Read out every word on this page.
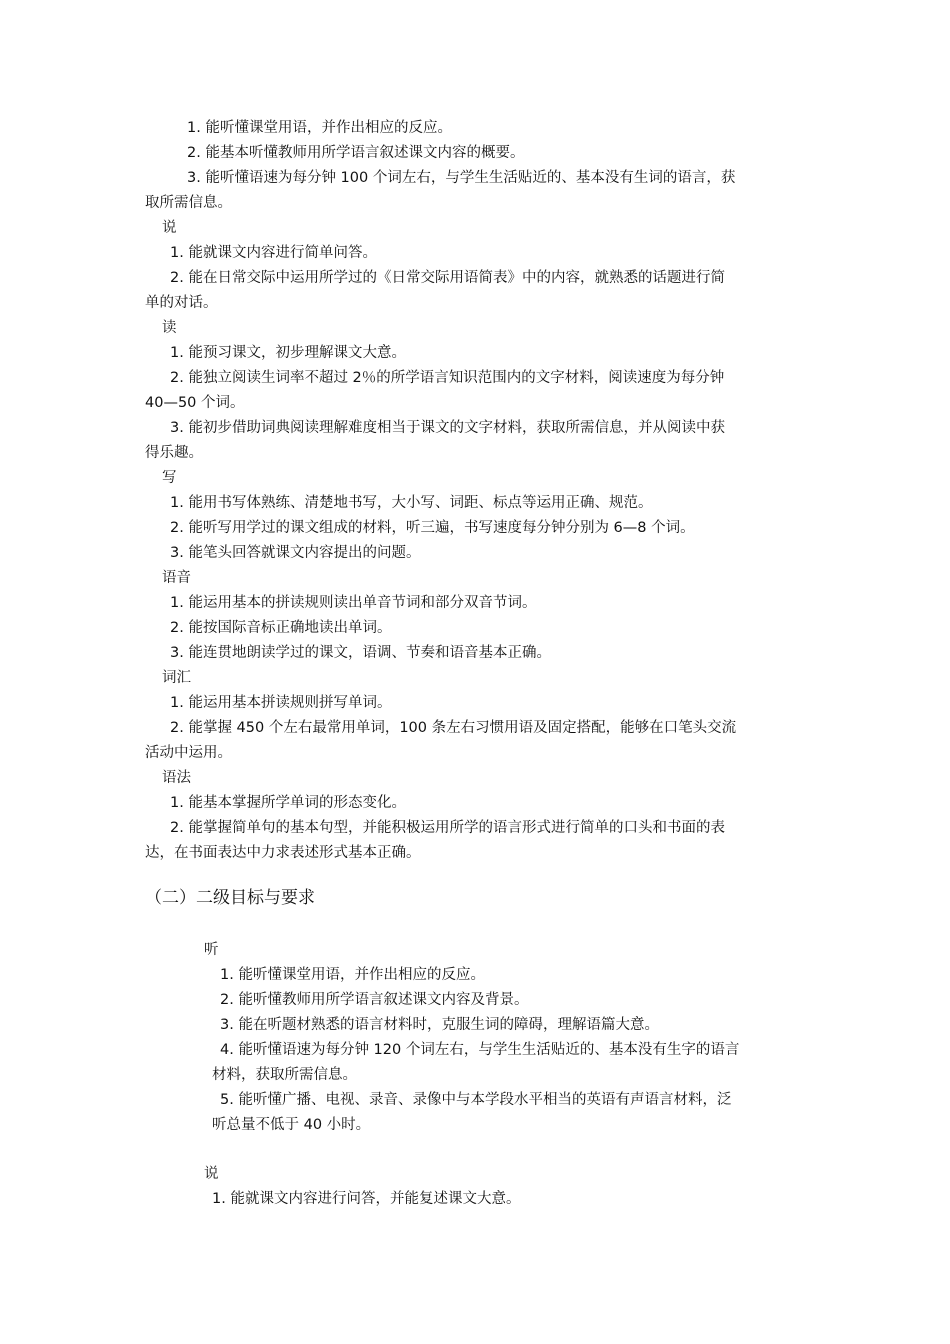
1. 能听懂课堂用语，并作出相应的反应。

2. 能基本听懂教师用所学语言叙述课文内容的概要。

3. 能听懂语速为每分钟 100 个词左右，与学生生活贴近的、基本没有生词的语言，获

取所需信息。

说

1. 能就课文内容进行简单问答。

2. 能在日常交际中运用所学过的《日常交际用语简表》中的内容，就熟悉的话题进行简

单的对话。

读

1. 能预习课文，初步理解课文大意。

2. 能独立阅读生词率不超过 2％的所学语言知识范围内的文字材料，阅读速度为每分钟

40—50 个词。

3. 能初步借助词典阅读理解难度相当于课文的文字材料，获取所需信息，并从阅读中获

得乐趣。

写

1. 能用书写体熟练、清楚地书写，大小写、词距、标点等运用正确、规范。

2. 能听写用学过的课文组成的材料，听三遍，书写速度每分钟分别为 6—8 个词。

3. 能笔头回答就课文内容提出的问题。

语音

1. 能运用基本的拼读规则读出单音节词和部分双音节词。

2. 能按国际音标正确地读出单词。

3. 能连贯地朗读学过的课文，语调、节奏和语音基本正确。

词汇

1. 能运用基本拼读规则拼写单词。

2. 能掌握 450 个左右最常用单词，100 条左右习惯用语及固定搭配，能够在口笔头交流

活动中运用。

语法

1. 能基本掌握所学单词的形态变化。

2. 能掌握简单句的基本句型，并能积极运用所学的语言形式进行简单的口头和书面的表

达，在书面表达中力求表述形式基本正确。

（二）二级目标与要求

听

1. 能听懂课堂用语，并作出相应的反应。

2. 能听懂教师用所学语言叙述课文内容及背景。

3. 能在听题材熟悉的语言材料时，克服生词的障碍，理解语篇大意。

4. 能听懂语速为每分钟 120 个词左右，与学生生活贴近的、基本没有生字的语言

材料，获取所需信息。

5. 能听懂广播、电视、录音、录像中与本学段水平相当的英语有声语言材料，泛

听总量不低于 40 小时。

说

1. 能就课文内容进行问答，并能复述课文大意。
